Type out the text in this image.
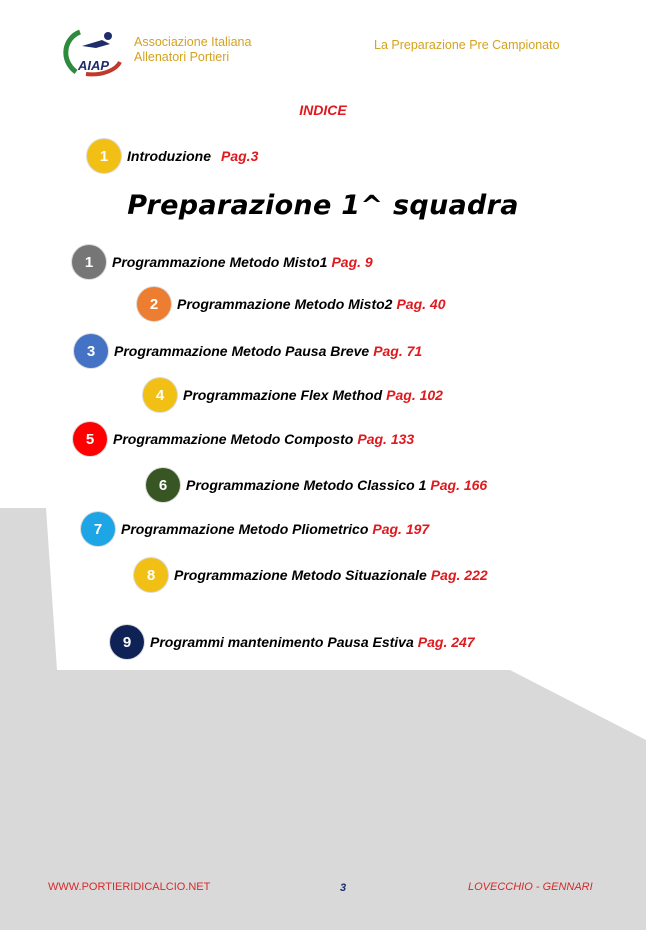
AIAP
Associazione Italiana
Allenatori Portieri
La Preparazione Pre Campionato
INDICE
1	Introduzione Pag.3
Preparazione 1^ squadra
1	Programmazione Metodo Misto1 Pag. 9
2	Programmazione Metodo Misto2 Pag. 40
3	Programmazione Metodo Pausa Breve Pag. 71
4	Programmazione Flex Method Pag. 102
5	Programmazione Metodo Composto Pag. 133
6	Programmazione Metodo Classico 1 Pag. 166
7	Programmazione Metodo Pliometrico Pag. 197
8	Programmazione Metodo Situazionale Pag. 222
9	Programmi mantenimento Pausa Estiva Pag. 247
WWW.PORTIERIDICALCIO.NET	3	LOVECCHIO - GENNARI
